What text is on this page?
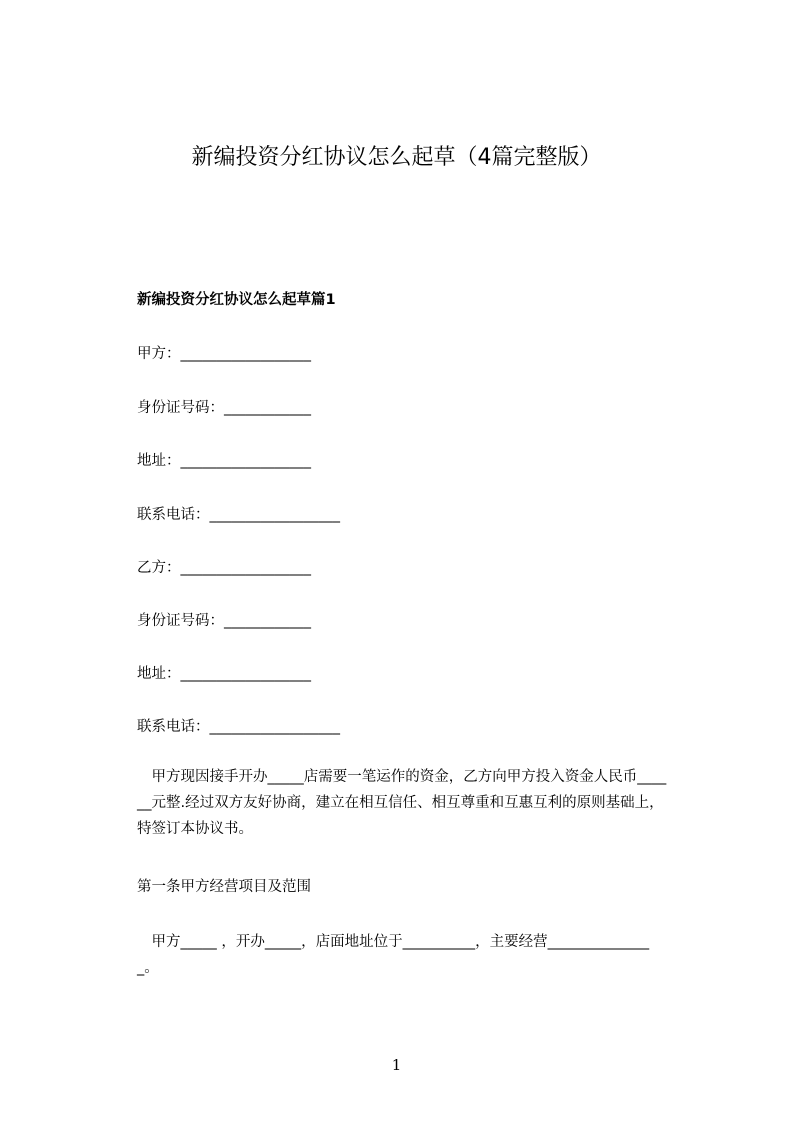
新编投资分红协议怎么起草（4篇完整版）
新编投资分红协议怎么起草篇1
甲方：__________________
身份证号码：____________
地址：__________________
联系电话：__________________
乙方：__________________
身份证号码：____________
地址：__________________
联系电话：__________________
　甲方现因接手开办_____店需要一笔运作的资金，乙方向甲方投入资金人民币____
__元整.经过双方友好协商，建立在相互信任、相互尊重和互惠互利的原则基础上，
特签订本协议书。
第一条甲方经营项目及范围
　甲方_____ ，开办_____，店面地址位于__________，主要经营______________
_。
1
